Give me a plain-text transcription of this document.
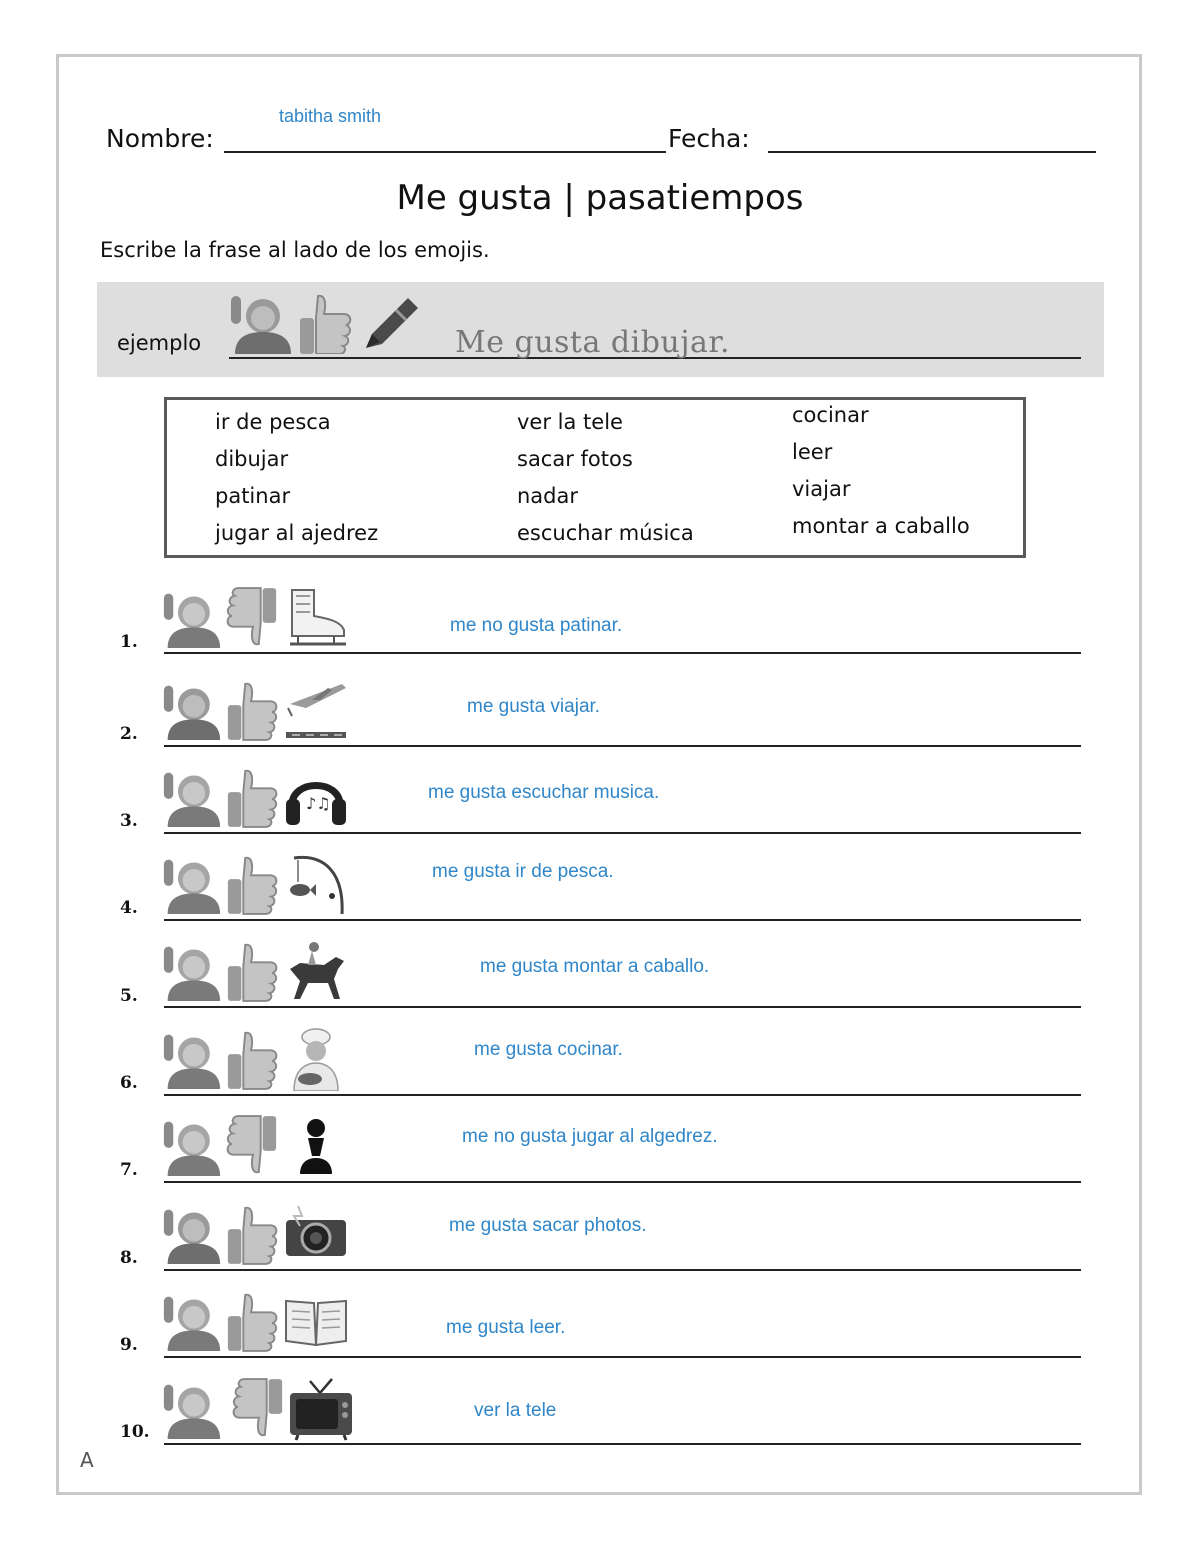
Nombre:
tabitha smith
Fecha:
Me gusta | pasatiempos
Escribe la frase al lado de los emojis.
ejemplo	Me gusta dibujar.
ir de pesca
dibujar
patinar
jugar al ajedrez
ver la tele
sacar fotos
nadar
escuchar música
cocinar
leer
viajar
montar a caballo
1.
me no gusta patinar.
2.
me gusta viajar.
3.
me gusta escuchar musica.
♪♫
4.
me gusta ir de pesca.
5.
me gusta montar a caballo.
6.
me gusta cocinar.
7.
me no gusta jugar al algedrez.
8.
me gusta sacar photos.
9.
me gusta leer.
10.
ver la tele
A
